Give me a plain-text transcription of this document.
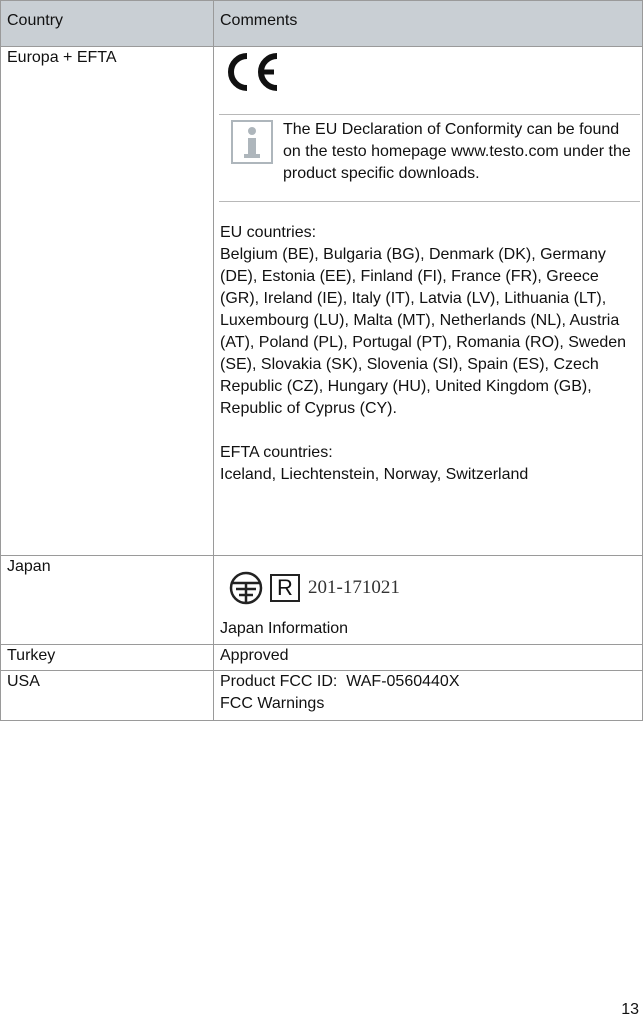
Country	Comments
Europa + EFTA	The EU Declaration of Conformity can be found on the testo homepage www.testo.com under the product specific downloads.
EU countries:
Belgium (BE), Bulgaria (BG), Denmark (DK), Germany (DE), Estonia (EE), Finland (FI), France (FR), Greece (GR), Ireland (IE), Italy (IT), Latvia (LV), Lithuania (LT), Luxembourg (LU), Malta (MT), Netherlands (NL), Austria (AT), Poland (PL), Portugal (PT), Romania (RO), Sweden (SE), Slovakia (SK), Slovenia (SI), Spain (ES), Czech Republic (CZ), Hungary (HU), United Kingdom (GB), Republic of Cyprus (CY).
EFTA countries:
Iceland, Liechtenstein, Norway, Switzerland

Japan	R 201-171021
Japan Information

Turkey	Approved
USA	Product FCC ID:  WAF-0560440X
FCC Warnings
13
